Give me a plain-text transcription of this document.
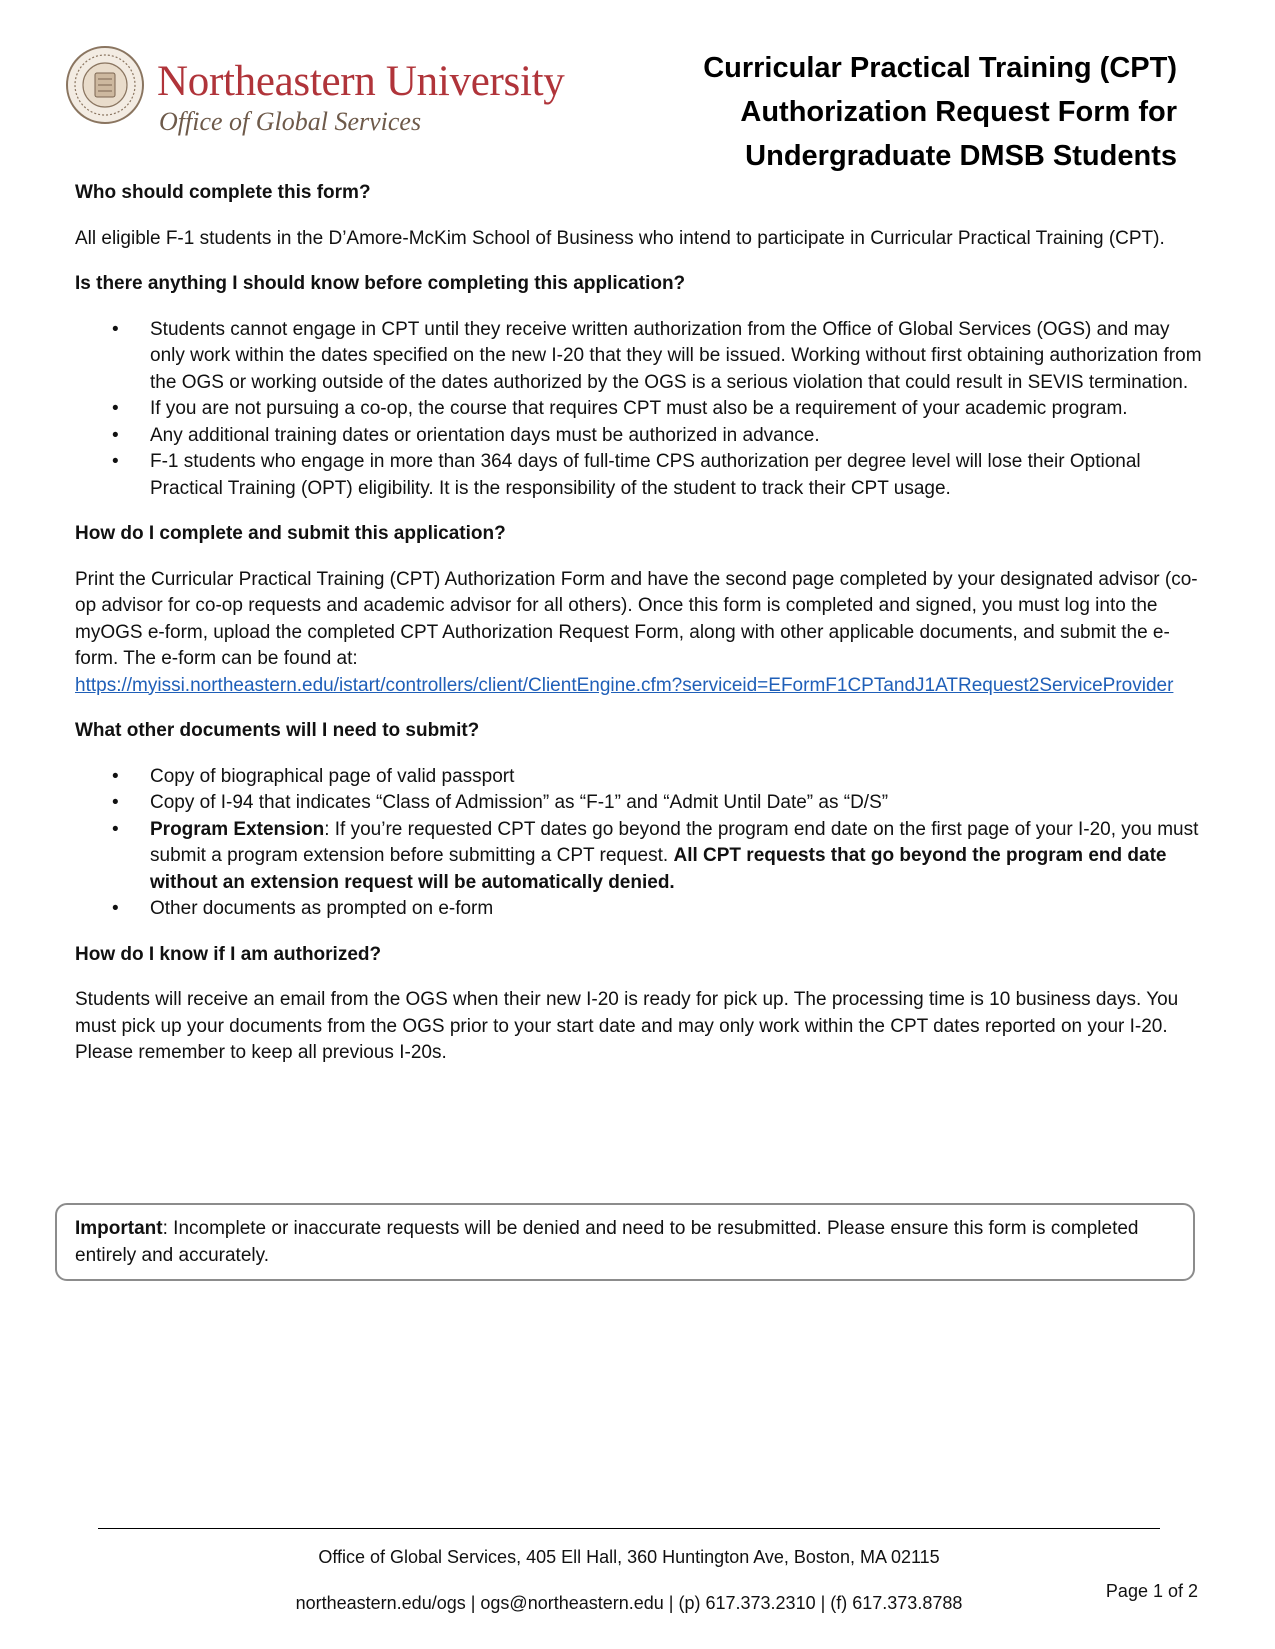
Northeastern University
Office of Global Services
Curricular Practical Training (CPT)
Authorization Request Form for
Undergraduate DMSB Students
Who should complete this form?

All eligible F-1 students in the D’Amore-McKim School of Business who intend to participate in Curricular Practical Training (CPT).

Is there anything I should know before completing this application?
• Students cannot engage in CPT until they receive written authorization from the Office of Global Services (OGS) and may only work within the dates specified on the new I-20 that they will be issued. Working without first obtaining authorization from the OGS or working outside of the dates authorized by the OGS is a serious violation that could result in SEVIS termination.
• If you are not pursuing a co-op, the course that requires CPT must also be a requirement of your academic program.
• Any additional training dates or orientation days must be authorized in advance.
• F-1 students who engage in more than 364 days of full-time CPS authorization per degree level will lose their Optional Practical Training (OPT) eligibility. It is the responsibility of the student to track their CPT usage.
How do I complete and submit this application?

Print the Curricular Practical Training (CPT) Authorization Form and have the second page completed by your designated advisor (co-op advisor for co-op requests and academic advisor for all others). Once this form is completed and signed, you must log into the myOGS e-form, upload the completed CPT Authorization Request Form, along with other applicable documents, and submit the e-form. The e-form can be found at:
https://myissi.northeastern.edu/istart/controllers/client/ClientEngine.cfm?serviceid=EFormF1CPTandJ1ATRequest2ServiceProvider

What other documents will I need to submit?
• Copy of biographical page of valid passport
• Copy of I-94 that indicates “Class of Admission” as “F-1” and “Admit Until Date” as “D/S”
• Program Extension: If you’re requested CPT dates go beyond the program end date on the first page of your I-20, you must submit a program extension before submitting a CPT request. All CPT requests that go beyond the program end date without an extension request will be automatically denied.
• Other documents as prompted on e-form
How do I know if I am authorized?

Students will receive an email from the OGS when their new I-20 is ready for pick up. The processing time is 10 business days. You must pick up your documents from the OGS prior to your start date and may only work within the CPT dates reported on your I-20. Please remember to keep all previous I-20s.

Important: Incomplete or inaccurate requests will be denied and need to be resubmitted. Please ensure this form is completed entirely and accurately.
Office of Global Services, 405 Ell Hall, 360 Huntington Ave, Boston, MA 02115
northeastern.edu/ogs | ogs@northeastern.edu | (p) 617.373.2310 | (f) 617.373.8788
Page 1 of 2
